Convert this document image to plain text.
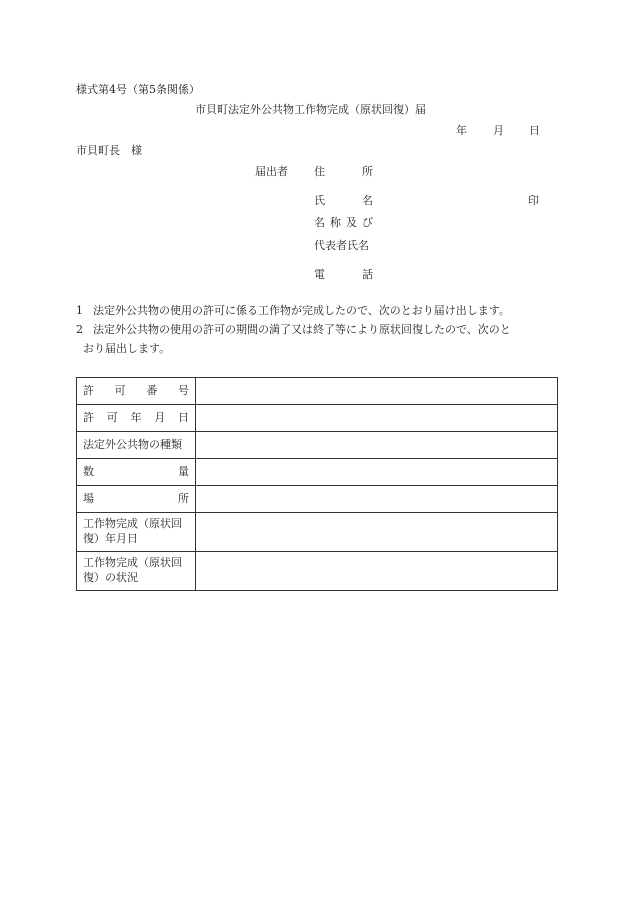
様式第4号（第5条関係）
市貝町法定外公共物工作物完成（原状回復）届
年 月 日
市貝町長　様
届出者 住	所
氏	名	印
名 称 及 び
代表者氏名
電	話
1 法定外公共物の使用の許可に係る工作物が完成したので、次のとおり届け出します。
2 法定外公共物の使用の許可の期間の満了又は終了等により原状回復したので、次のと
おり届出します。
許 可 番 号	

許 可 年 月 日	

法定外公共物の種類	

数 量	

場 所	

工作物完成（原状回
復）年月日	

工作物完成（原状回
復）の状況	
